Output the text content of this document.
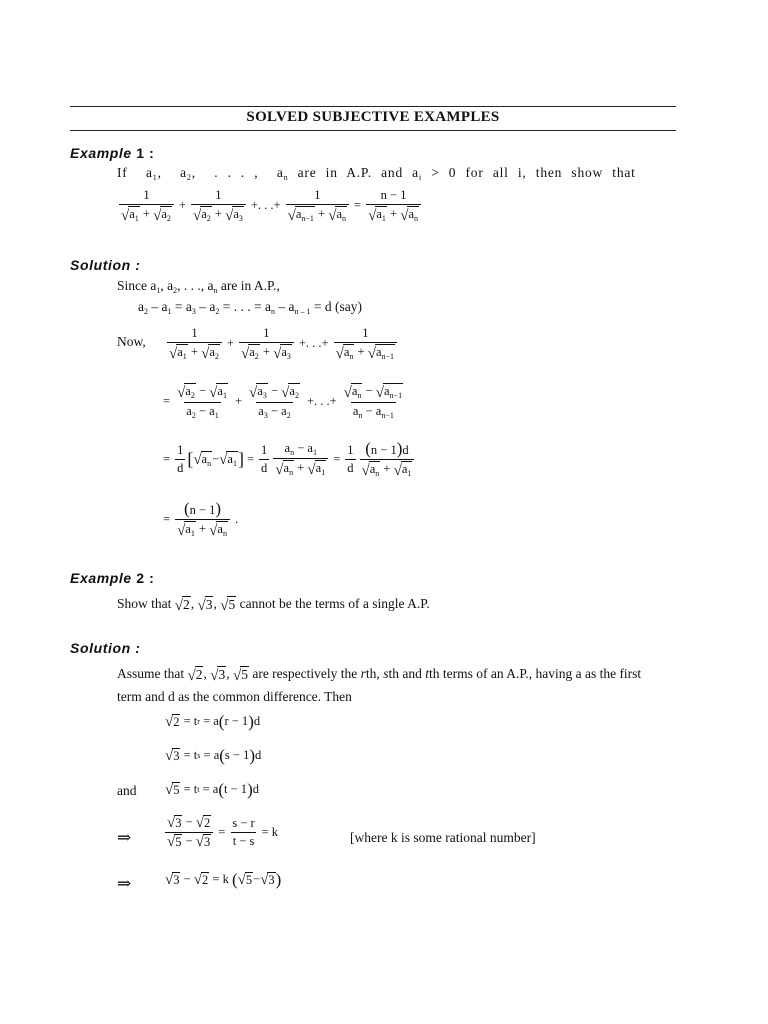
SOLVED SUBJECTIVE EXAMPLES
Example 1 :
If  $a_1$,  $a_2$,  . . . ,  $a_n$ are in A.P. and $a_i > 0$ for all i, then show that
1
√ $a_1$ + √ $a_2$
+ $\frac{1}{√ a_2 + √ a_3}$ +. . .+ $\frac{1}{√ a_{n-1} + √ a_n} = \frac{n - 1}{√ a_1 + √ a_n}$
Solution :
Since $a_1$, $a_2$, . . ., $a_n$ are in A.P.,
$a_2 - a_1 = a_3 - a_2$ = . . . = $a_n - a_{n - 1} = d$ (say)
Now,
1
√ $a_1$ + √ $a_2$
+ $\frac{1}{√ a_2 + √ a_3}$ +. . .+ $\frac{1}{√ a_n + √ a_{n-1}}$
= $\frac{√ a_2 - √ a_1}{a_2 - a_1} + \frac{√ a_3 - √ a_2}{a_3 - a_2}$ +. . .+ $\frac{√ a_n - √ a_{n-1}}{a_n - a_{n-1}}$
= $\frac{1}{d}$ [ √ $a_n$ − √ $a_1$ ] = $\frac{1}{d} \frac{a_n - a_1}{√ a_n + √ a_1} = \frac{1}{d} (n - 1)d$
√ $a_n$ + √ $a_1$
= $\frac{(n - 1)}{√ a_1 + √ a_n}$ .
Example 2 :
Show that √ 2 , √ 3 , √ 5 cannot be the terms of a single A.P.
Solution :
Assume that √ 2 , √ 3 , √ 5 are respectively the rth, sth and tth terms of an A.P., having a as the first
term and d as the common difference. Then
√ 2 = t r = a ( r − 1 ) d
√ 3 = t s = a ( s − 1 ) d
and √ 5 = t t = a ( t − 1 ) d
⇒ $\frac{√ 3 - √ 2}{√ 5 - √ 3} = \frac{s - r}{t - s} = k$	[where k is some rational number]
⇒ √ 3 − √ 2 = k ( √ 5 − √ 3 )
